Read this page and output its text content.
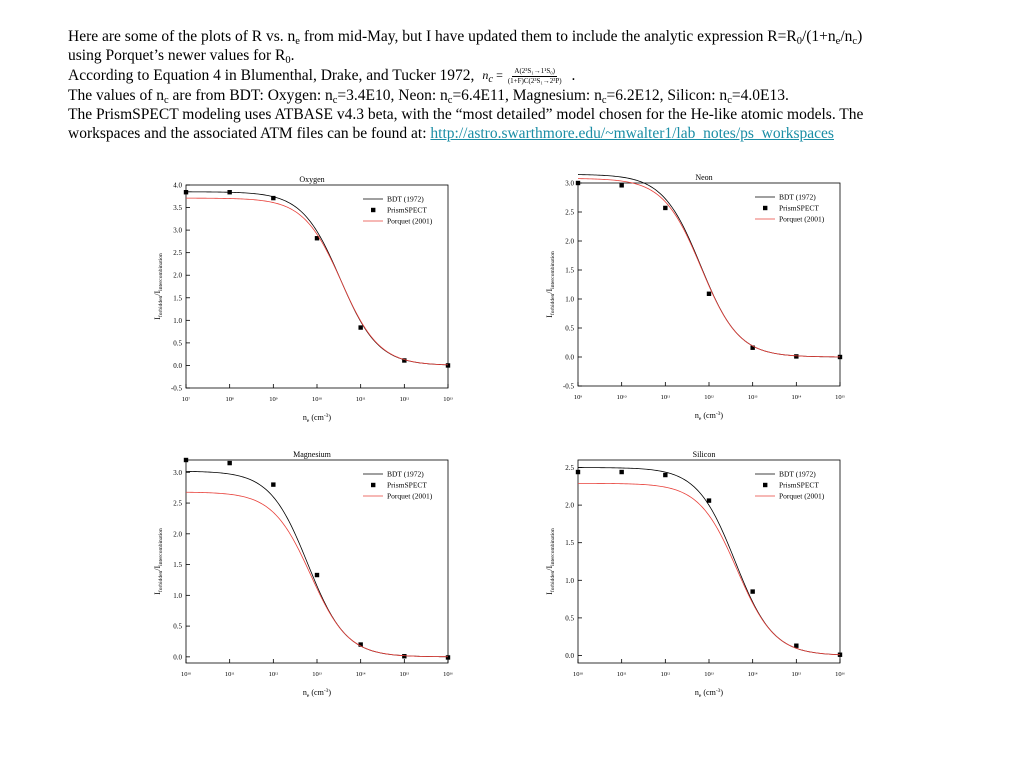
Here are some of the plots of R vs. $n_e$ from mid-May, but I have updated them to include the analytic expression $R=R_0/(1+n_e/n_c)$
using Porquet’s newer values for $R_0$.
According to Equation 4 in Blumenthal, Drake, and Tucker 1972, $n_c = \frac{\text{A(2³S₁→1¹S₀)}}{\text{(1+F)C(2³S₁→2³P)}}$ .
The values of $n_c$ are from BDT: Oxygen: $n_c=3.4E10$, Neon: $n_c=6.4E11$, Magnesium: $n_c=6.2E12$, Silicon: $n_c=4.0E13$.
The PrismSPECT modeling uses ATBASE v4.3 beta, with the “most detailed” model chosen for the He-like atomic models. The
workspaces and the associated ATM files can be found at: http://astro.swarthmore.edu/~mwalter1/lab_notes/ps_workspaces
-0.5
0.0
0.5
1.0
1.5
2.0
2.5
3.0
3.5
4.0
10⁷	10⁸	10⁹	10¹⁰	10¹¹	10¹²	10¹³
Oxygen
$n_e$ $(cm^{-3})$
$I_{forbidden}/I_{intercombination}$
BDT (1972)
PrismSPECT
Porquet (2001)
-0.5
0.0
0.5
1.0
1.5
2.0
2.5
3.0
10⁹	10¹⁰	10¹¹	10¹²	10¹³	10¹⁴	10¹⁵
Neon
$n_e$ $(cm^{-3})$
$I_{forbidden}/I_{intercombination}$
BDT (1972)
PrismSPECT
Porquet (2001)
0.0
0.5
1.0
1.5
2.0
2.5
3.0
10¹⁰	10¹¹	10¹²	10¹³	10¹⁴	10¹⁵	10¹⁶
Magnesium
$n_e$ $(cm^{-3})$
$I_{forbidden}/I_{intercombination}$
BDT (1972)
PrismSPECT
Porquet (2001)
0.0
0.5
1.0
1.5
2.0
2.5
10¹⁰	10¹¹	10¹²	10¹³	10¹⁴	10¹⁵	10¹⁶
Silicon
$n_e$ $(cm^{-3})$
$I_{forbidden}/I_{intercombination}$
BDT (1972)
PrismSPECT
Porquet (2001)
